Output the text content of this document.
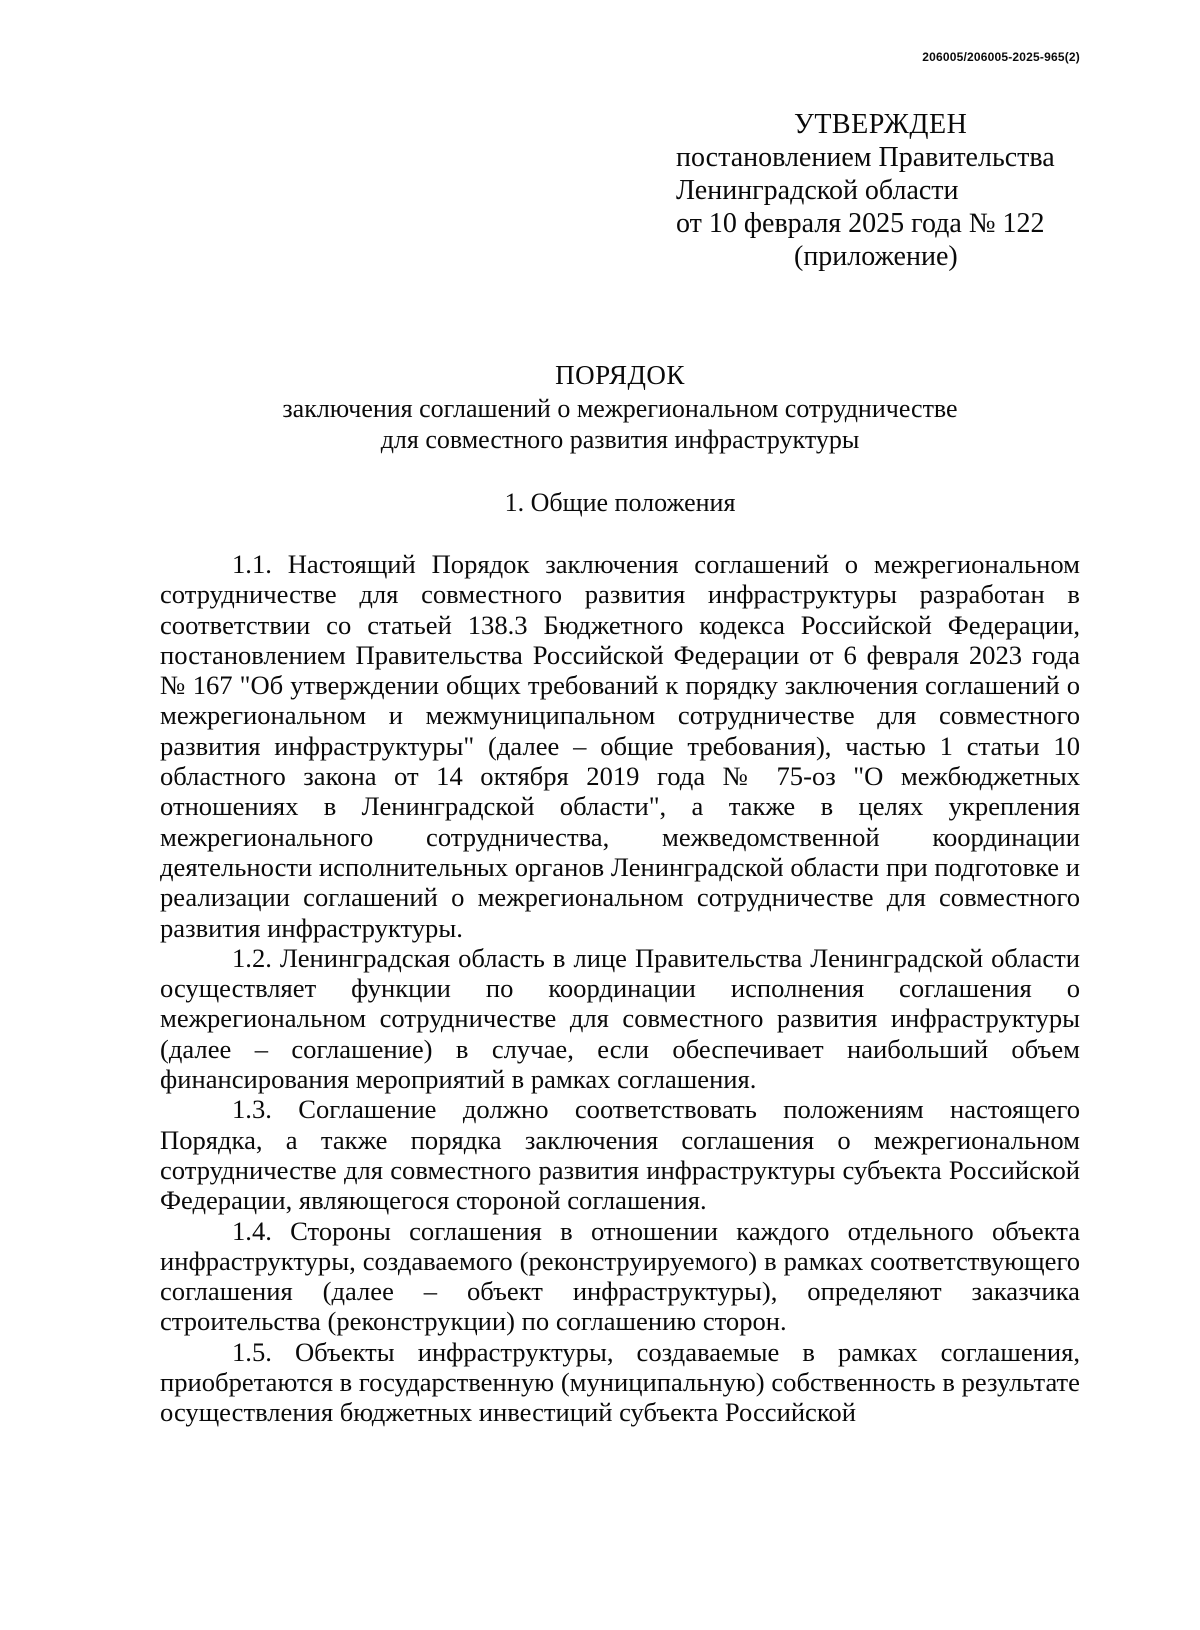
206005/206005-2025-965(2)
УТВЕРЖДЕН
постановлением Правительства
Ленинградской области
от 10 февраля 2025 года № 122
(приложение)
ПОРЯДОК
заключения соглашений о межрегиональном сотрудничестве
для совместного развития инфраструктуры
1. Общие положения

1.1. Настоящий Порядок заключения соглашений о межрегиональном сотрудничестве для совместного развития инфраструктуры разработан в соответствии со статьей 138.3 Бюджетного кодекса Российской Федерации, постановлением Правительства Российской Федерации от 6 февраля 2023 года № 167 "Об утверждении общих требований к порядку заключения соглашений о межрегиональном и межмуниципальном сотрудничестве для совместного развития инфраструктуры" (далее – общие требования), частью 1 статьи 10 областного закона от 14 октября 2019 года № 75-оз "О межбюджетных отношениях в Ленинградской области", а также в целях укрепления межрегионального сотрудничества, межведомственной координации деятельности исполнительных органов Ленинградской области при подготовке и реализации соглашений о межрегиональном сотрудничестве для совместного развития инфраструктуры.

1.2. Ленинградская область в лице Правительства Ленинградской области осуществляет функции по координации исполнения соглашения о межрегиональном сотрудничестве для совместного развития инфраструктуры (далее – соглашение) в случае, если обеспечивает наибольший объем финансирования мероприятий в рамках соглашения.

1.3. Соглашение должно соответствовать положениям настоящего Порядка, а также порядка заключения соглашения о межрегиональном сотрудничестве для совместного развития инфраструктуры субъекта Российской Федерации, являющегося стороной соглашения.

1.4. Стороны соглашения в отношении каждого отдельного объекта инфраструктуры, создаваемого (реконструируемого) в рамках соответствующего соглашения (далее – объект инфраструктуры), определяют заказчика строительства (реконструкции) по соглашению сторон.

1.5. Объекты инфраструктуры, создаваемые в рамках соглашения, приобретаются в государственную (муниципальную) собственность в результате осуществления бюджетных инвестиций субъекта Российской
